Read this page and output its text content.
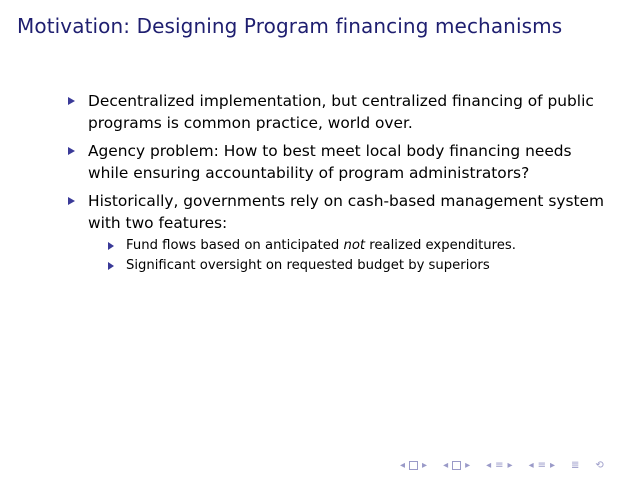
Motivation: Designing Program financing mechanisms
Decentralized implementation, but centralized financing of public programs is common practice, world over.
Agency problem: How to best meet local body financing needs while ensuring accountability of program administrators?
Historically, governments rely on cash-based management system with two features:
Fund flows based on anticipated not realized expenditures.
Significant oversight on requested budget by superiors
◂ ▸ ◂ ▸ ◂ ≡ ▸ ◂ ≡ ▸ ≣ ⟲
